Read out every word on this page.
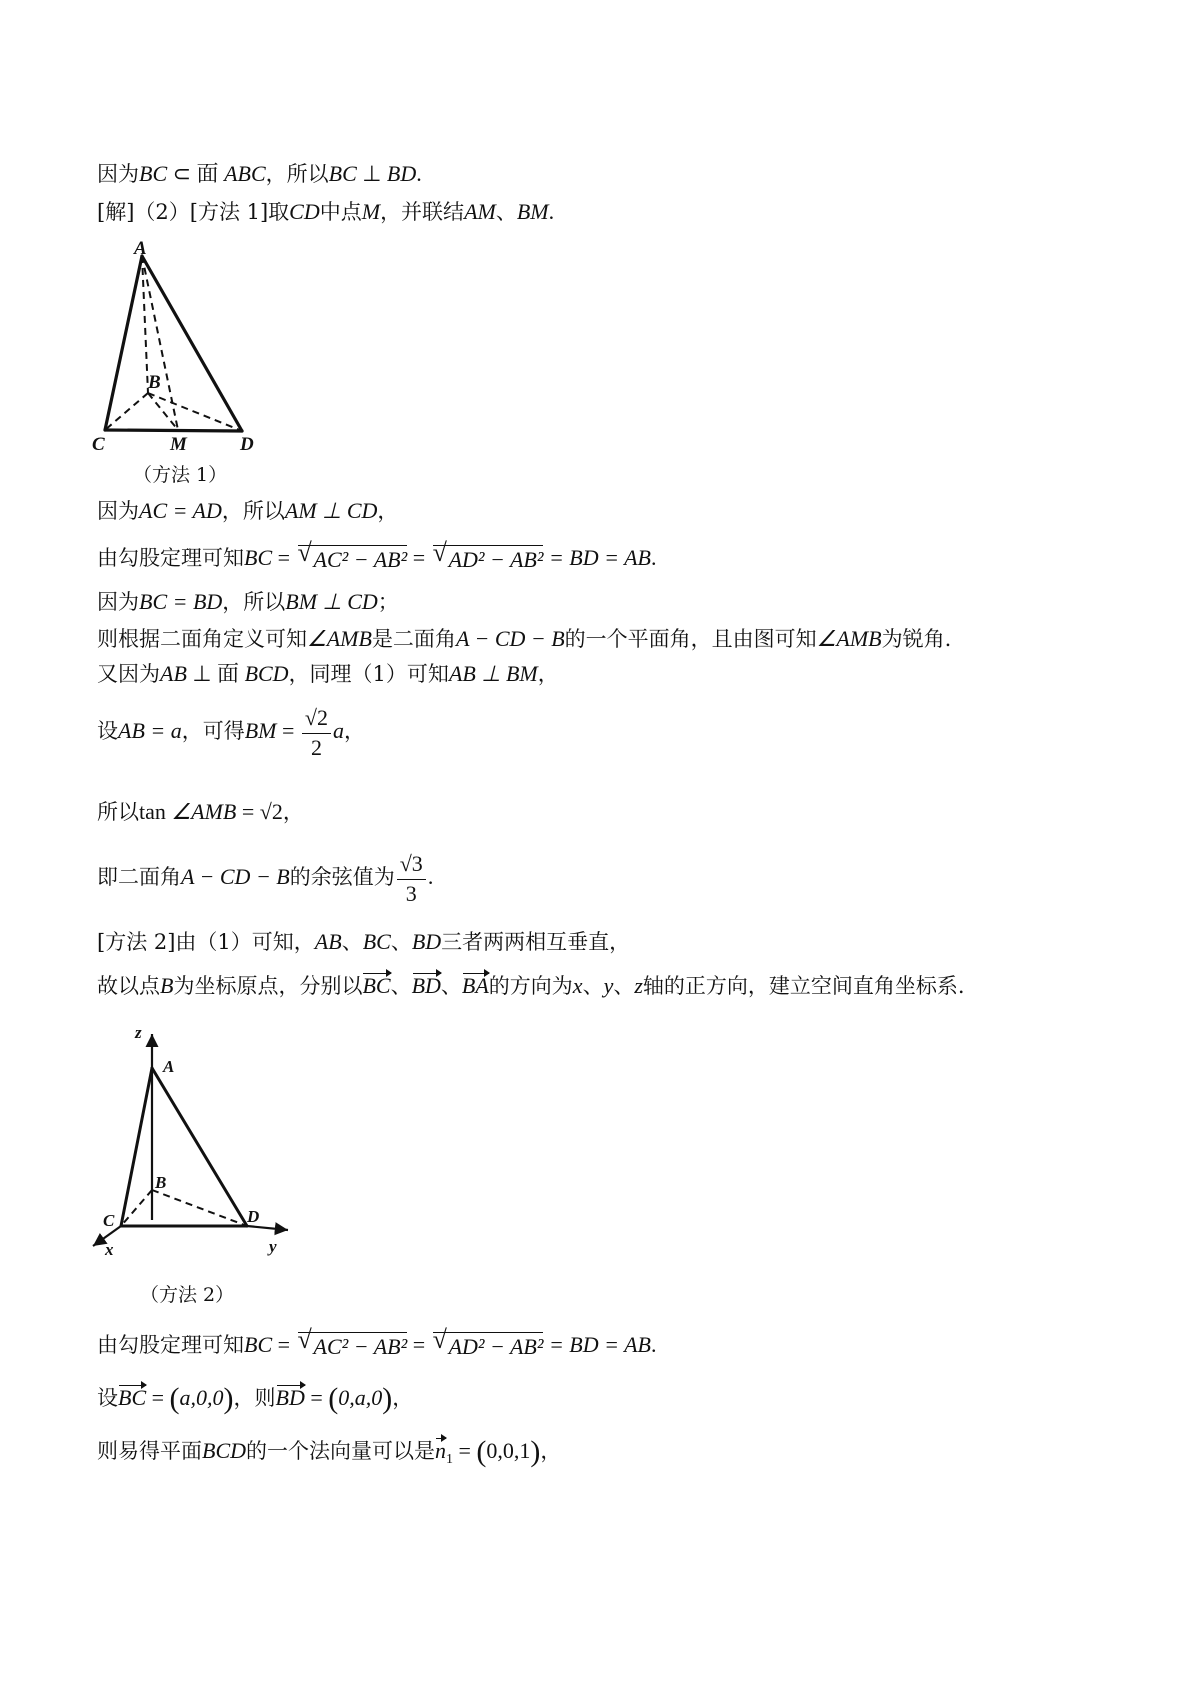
因为BC ⊂ 面 ABC，所以BC ⊥ BD.
[解]（2）[方法 1]取CD中点M，并联结AM、BM.
A
B
C	M	D
（方法 1）
因为AC = AD，所以AM ⊥ CD，
由勾股定理可知BC = √ AC² − AB² = √ AD² − AB² = BD = AB.
因为BC = BD，所以BM ⊥ CD；
则根据二面角定义可知∠AMB是二面角A − CD − B的一个平面角，且由图可知∠AMB为锐角.
又因为AB ⊥ 面 BCD，同理（1）可知AB ⊥ BM，
设AB = a，可得BM = $\frac{√2}{2}$ a，
所以tan ∠AMB = √2，
即二面角A − CD − B的余弦值为 $\frac{√3}{3}$ .
[方法 2]由（1）可知，AB、BC、BD三者两两相互垂直，
故以点B为坐标原点，分别以BC、BD、BA的方向为x、y、z轴的正方向，建立空间直角坐标系.
z
A
B
C	D
x	y
（方法 2）
由勾股定理可知BC = √ AC² − AB² = √ AD² − AB² = BD = AB.
设BC = (a,0,0)，则BD = (0,a,0)，
则易得平面BCD的一个法向量可以是$n_1 = (0,0,1)$，
